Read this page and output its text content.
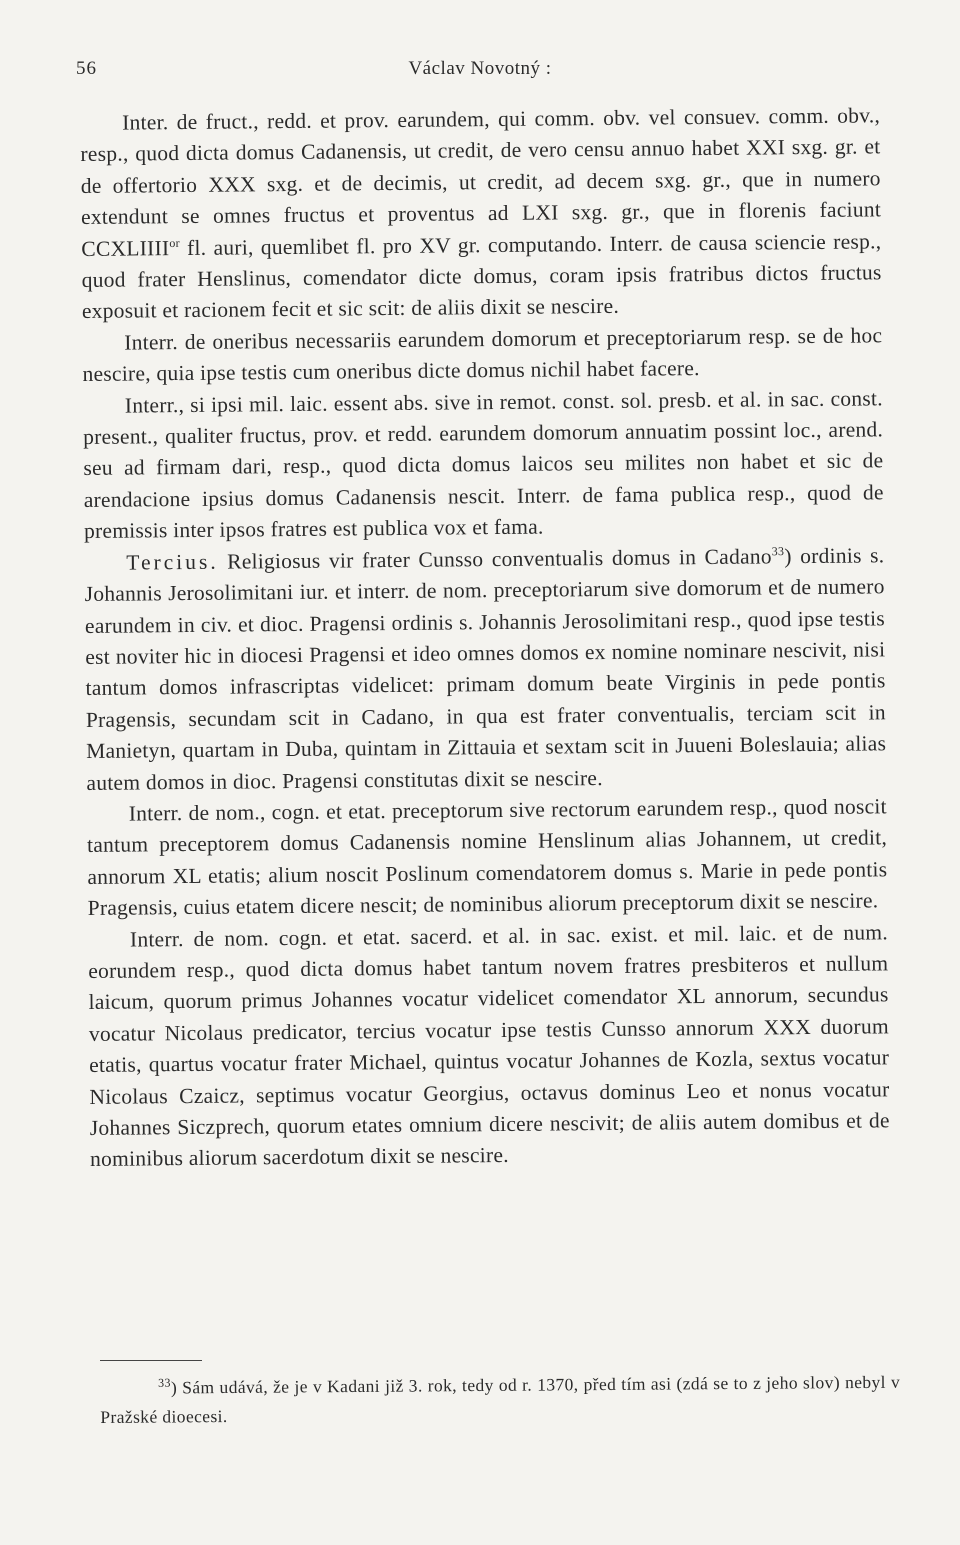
56	Václav Novotný :

Inter. de fruct., redd. et prov. earundem, qui comm. obv. vel consuev. comm. obv., resp., quod dicta domus Cadanensis, ut credit, de vero censu annuo habet XXI sxg. gr. et de offertorio XXX sxg. et de decimis, ut credit, ad decem sxg. gr., que in numero extendunt se omnes fructus et proventus ad LXI sxg. gr., que in florenis faciunt $CCXLIIII^{or}$ fl. auri, quemlibet fl. pro XV gr. computando. Interr. de causa sciencie resp., quod frater Henslinus, comendator dicte domus, coram ipsis fratribus dictos fructus exposuit et racionem fecit et sic scit: de aliis dixit se nescire.

Interr. de oneribus necessariis earundem domorum et preceptoriarum resp. se de hoc nescire, quia ipse testis cum oneribus dicte domus nichil habet facere.

Interr., si ipsi mil. laic. essent abs. sive in remot. const. sol. presb. et al. in sac. const. present., qualiter fructus, prov. et redd. earundem domorum annuatim possint loc., arend. seu ad firmam dari, resp., quod dicta domus laicos seu milites non habet et sic de arendacione ipsius domus Cadanensis nescit. Interr. de fama publica resp., quod de premissis inter ipsos fratres est publica vox et fama.

Tercius. Religiosus vir frater Cunsso conventualis domus in Cadano$^{33}$) ordinis s. Johannis Jerosolimitani iur. et interr. de nom. preceptoriarum sive domorum et de numero earundem in civ. et dioc. Pragensi ordinis s. Johannis Jerosolimitani resp., quod ipse testis est noviter hic in diocesi Pragensi et ideo omnes domos ex nomine nominare nescivit, nisi tantum domos infrascriptas videlicet: primam domum beate Virginis in pede pontis Pragensis, secundam scit in Cadano, in qua est frater conventualis, terciam scit in Manietyn, quartam in Duba, quintam in Zittauia et sextam scit in Juueni Boleslauia; alias autem domos in dioc. Pragensi constitutas dixit se nescire.

Interr. de nom., cogn. et etat. preceptorum sive rectorum earundem resp., quod noscit tantum preceptorem domus Cadanensis nomine Henslinum alias Johannem, ut credit, annorum XL etatis; alium noscit Poslinum comendatorem domus s. Marie in pede pontis Pragensis, cuius etatem dicere nescit; de nominibus aliorum preceptorum dixit se nescire.

Interr. de nom. cogn. et etat. sacerd. et al. in sac. exist. et mil. laic. et de num. eorundem resp., quod dicta domus habet tantum novem fratres presbiteros et nullum laicum, quorum primus Johannes vocatur videlicet comendator XL annorum, secundus vocatur Nicolaus predicator, tercius vocatur ipse testis Cunsso annorum XXX duorum etatis, quartus vocatur frater Michael, quintus vocatur Johannes de Kozla, sextus vocatur Nicolaus Czaicz, septimus vocatur Georgius, octavus dominus Leo et nonus vocatur Johannes Siczprech, quorum etates omnium dicere nescivit; de aliis autem domibus et de nominibus aliorum sacerdotum dixit se nescire.

$^{33}$) Sám udává, že je v Kadani již 3. rok, tedy od r. 1370, před tím asi (zdá se to z jeho slov) nebyl v Pražské dioecesi.
